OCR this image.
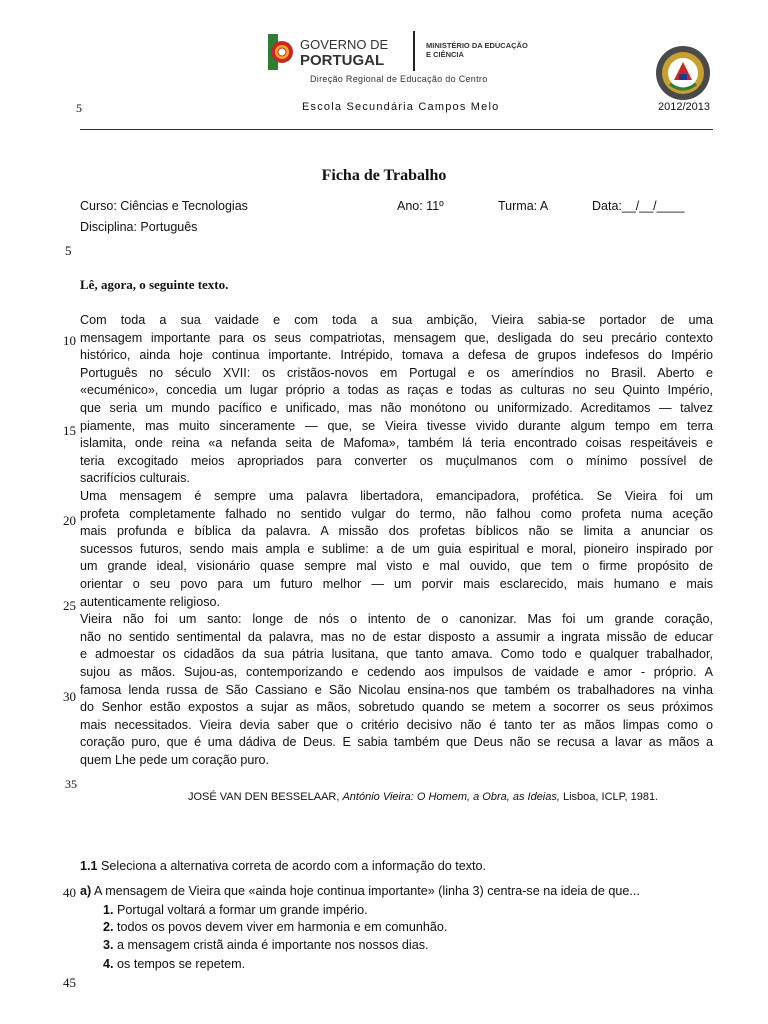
GOVERNO DE
PORTUGAL
MINISTÉRIO DA EDUCAÇÃO
E CIÊNCIA
Direção Regional de Educação do Centro
5	Escola Secundária Campos Melo	2012/2013
Ficha de Trabalho
Curso: Ciências e Tecnologias	Ano: 11º	Turma: A	Data:__/__/____
Disciplina: Português
5
10
15
20
25
30
35
40
45
Lê, agora, o seguinte texto.
Com toda a sua vaidade e com toda a sua ambição, Vieira sabia-se portador de uma
mensagem importante para os seus compatriotas, mensagem que, desligada do seu precário contexto
histórico, ainda hoje continua importante. Intrépido, tomava a defesa de grupos indefesos do Império
Português no século XVII: os cristãos-novos em Portugal e os ameríndios no Brasil. Aberto e
«ecuménico», concedia um lugar próprio a todas as raças e todas as culturas no seu Quinto Império,
que seria um mundo pacífico e unificado, mas não monótono ou uniformizado. Acreditamos — talvez
piamente, mas muito sinceramente — que, se Vieira tivesse vivido durante algum tempo em terra
islamita, onde reina «a nefanda seita de Mafoma», também lá teria encontrado coisas respeitáveis e
teria excogitado meios apropriados para converter os muçulmanos com o mínimo possível de
sacrifícios culturais.
Uma mensagem é sempre uma palavra libertadora, emancipadora, profética. Se Vieira foi um
profeta completamente falhado no sentido vulgar do termo, não falhou como profeta numa aceção
mais profunda e bíblica da palavra. A missão dos profetas bíblicos não se limita a anunciar os
sucessos futuros, sendo mais ampla e sublime: a de um guia espiritual e moral, pioneiro inspirado por
um grande ideal, visionário quase sempre mal visto e mal ouvido, que tem o firme propósito de
orientar o seu povo para um futuro melhor — um porvir mais esclarecido, mais humano e mais
autenticamente religioso.
Vieira não foi um santo: longe de nós o intento de o canonizar. Mas foi um grande coração,
não no sentido sentimental da palavra, mas no de estar disposto a assumir a ingrata missão de educar
e admoestar os cidadãos da sua pátria lusitana, que tanto amava. Como todo e qualquer trabalhador,
sujou as mãos. Sujou-as, contemporizando e cedendo aos impulsos de vaidade e amor - próprio. A
famosa lenda russa de São Cassiano e São Nicolau ensina-nos que também os trabalhadores na vinha
do Senhor estão expostos a sujar as mãos, sobretudo quando se metem a socorrer os seus próximos
mais necessitados. Vieira devia saber que o critério decisivo não é tanto ter as mãos limpas como o
coração puro, que é uma dádiva de Deus. E sabia também que Deus não se recusa a lavar as mãos a
quem Lhe pede um coração puro.
JOSÉ VAN DEN BESSELAAR, António Vieira: O Homem, a Obra, as Ideias, Lisboa, ICLP, 1981.
1.1 Seleciona a alternativa correta de acordo com a informação do texto.
a) A mensagem de Vieira que «ainda hoje continua importante» (linha 3) centra-se na ideia de que...
1. Portugal voltará a formar um grande império.
2. todos os povos devem viver em harmonia e em comunhão.
3. a mensagem cristã ainda é importante nos nossos dias.
4. os tempos se repetem.
